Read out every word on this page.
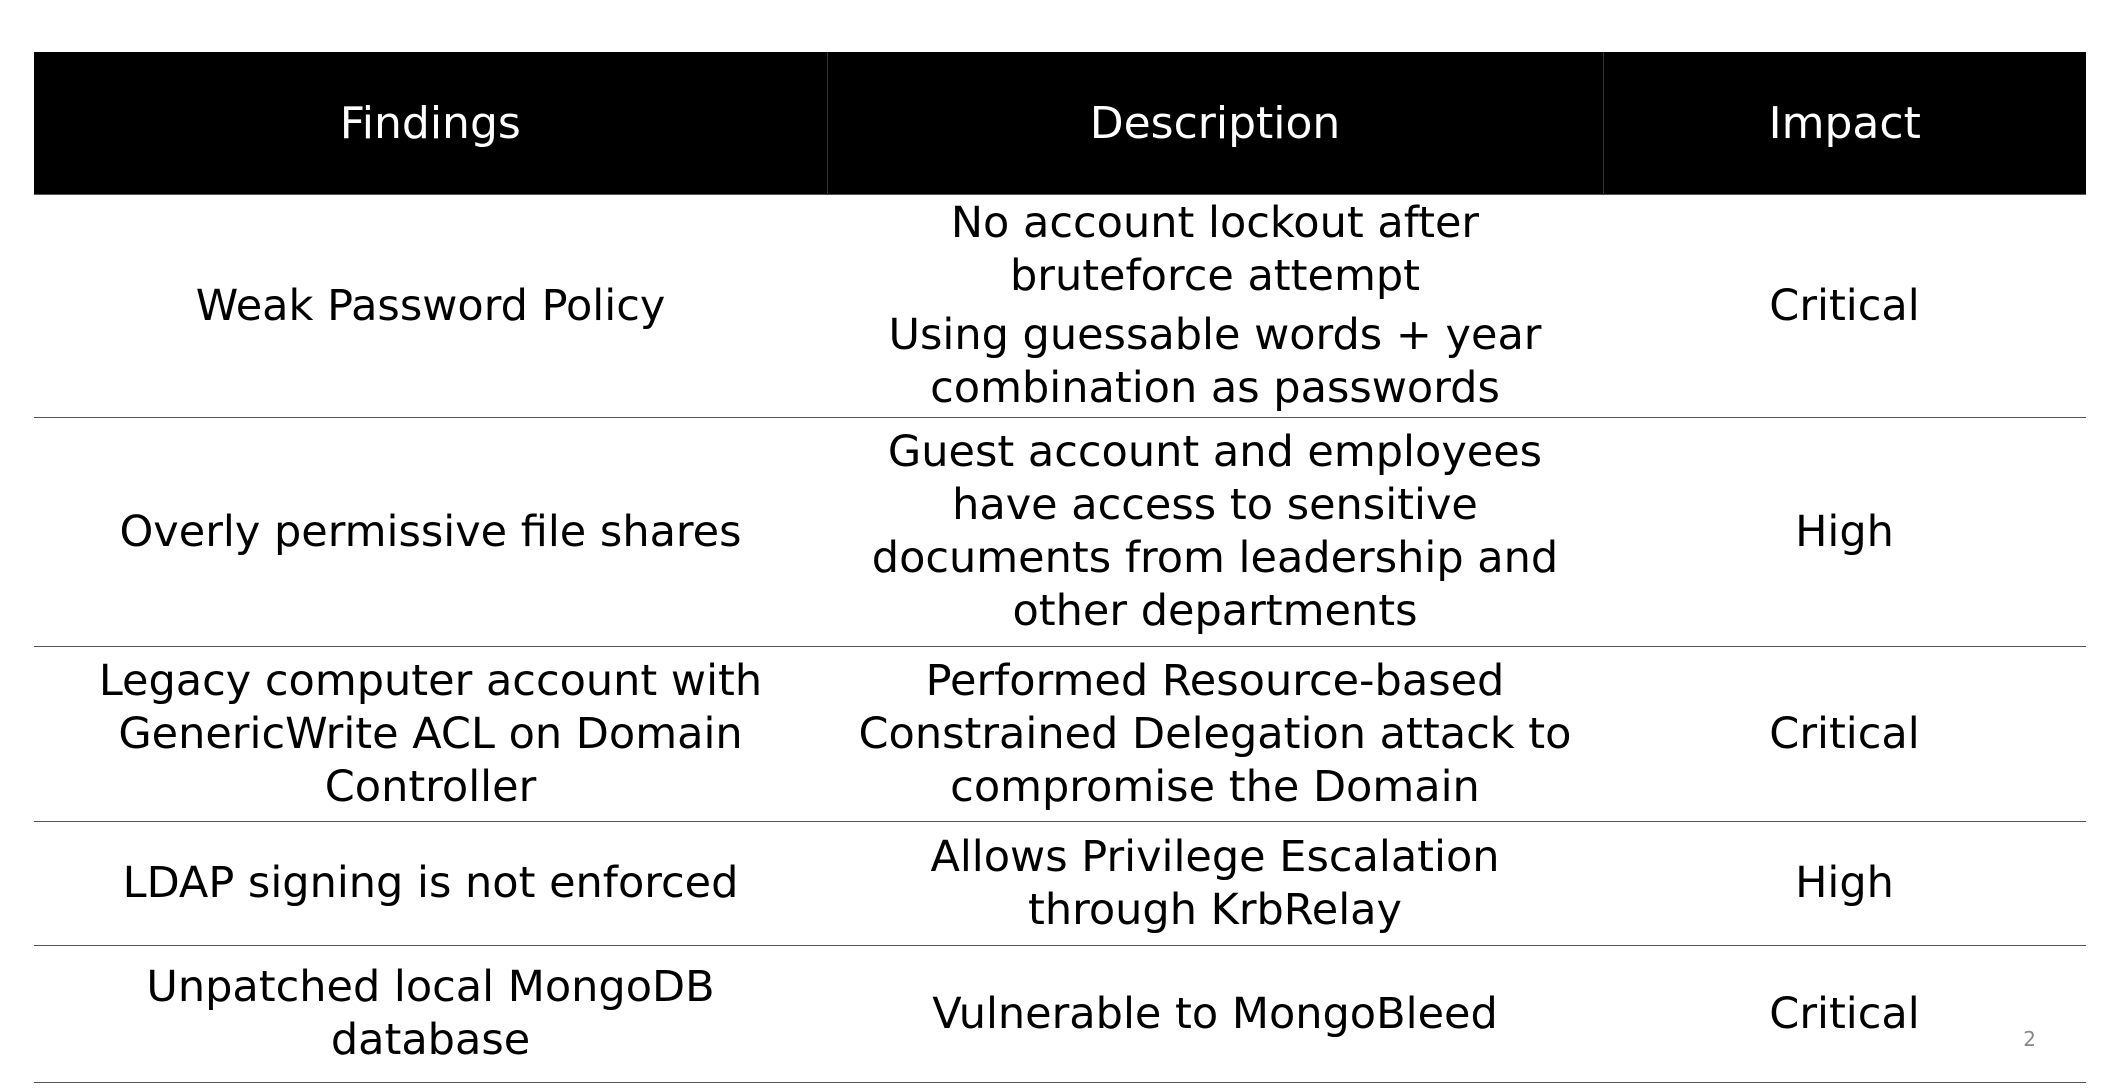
Findings	Description	Impact

Weak Password Policy	No account lockout after
bruteforce attempt
Using guessable words + year
combination as passwords	Critical

Overly permissive file shares	Guest account and employees
have access to sensitive
documents from leadership and
other departments	High

Legacy computer account with
GenericWrite ACL on Domain Controller	Performed Resource-based
Constrained Delegation attack to
compromise the Domain	Critical

LDAP signing is not enforced	Allows Privilege Escalation
through KrbRelay	High

Unpatched local MongoDB database	Vulnerable to MongoBleed	Critical
2
